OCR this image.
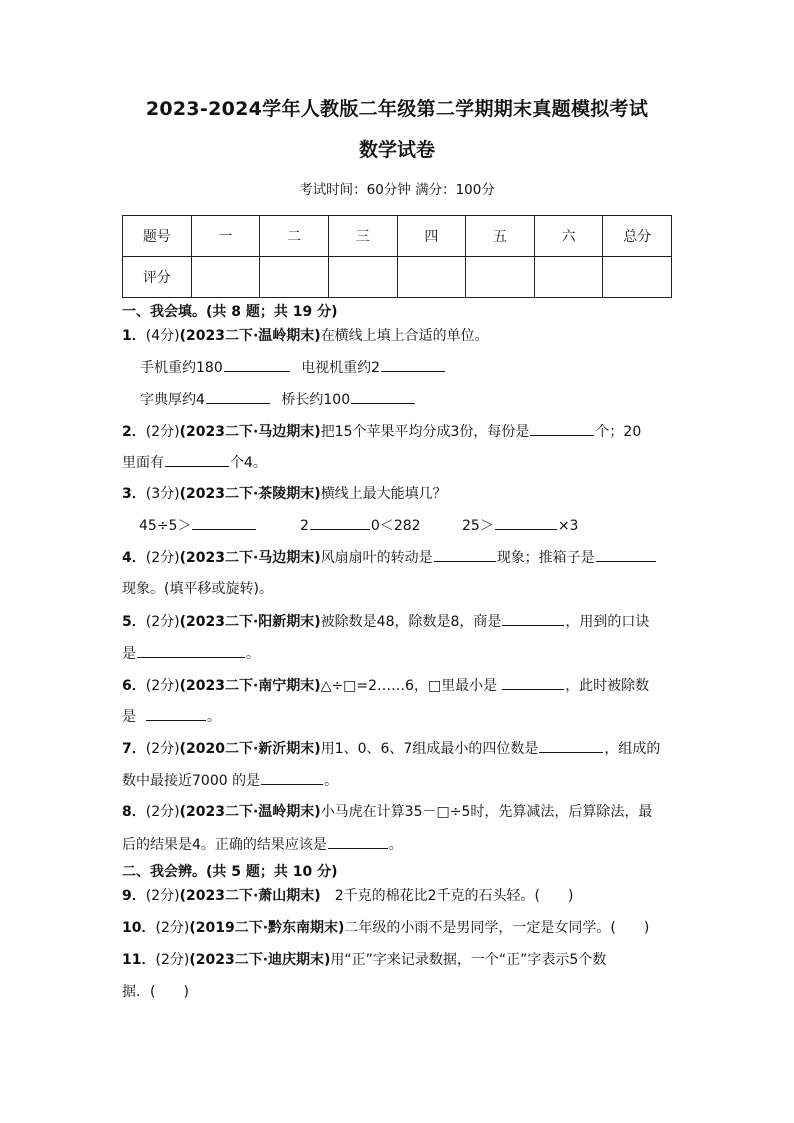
2023-2024学年人教版二年级第二学期期末真题模拟考试
数学试卷
考试时间：60分钟 满分：100分
题号	一	二	三	四	五	六	总分
评分							
一、我会填。(共 8 题；共 19 分)
1．(4分)(2023二下·温岭期末)在横线上填上合适的单位。
手机重约180	电视机重约2
字典厚约4	桥长约100
2．(2分)(2023二下·马边期末)把15个苹果平均分成3份，每份是	个；20
里面有	个4。
3．(3分)(2023二下·茶陵期末)横线上最大能填几？
45÷5＞	2	0＜282	25＞	×3
4．(2分)(2023二下·马边期末)风扇扇叶的转动是	现象；推箱子是
现象。(填平移或旋转)。
5．(2分)(2023二下·阳新期末)被除数是48，除数是8，商是	，用到的口诀
是	。
6．(2分)(2023二下·南宁期末)△÷□=2……6，□里最小是	，此时被除数
是	。
7．(2分)(2020二下·新沂期末)用1、0、6、7组成最小的四位数是	，组成的
数中最接近7000 的是	。
8．(2分)(2023二下·温岭期末)小马虎在计算35－□÷5时，先算减法，后算除法，最
后的结果是4。正确的结果应该是	。
二、我会辨。(共 5 题；共 10 分)
9．(2分)(2023二下·萧山期末) 2千克的棉花比2千克的石头轻。(　　)
10．(2分)(2019二下·黔东南期末)二年级的小雨不是男同学，一定是女同学。(　　)
11．(2分)(2023二下·迪庆期末)用“正”字来记录数据，一个“正”字表示5个数
据．(　　)
